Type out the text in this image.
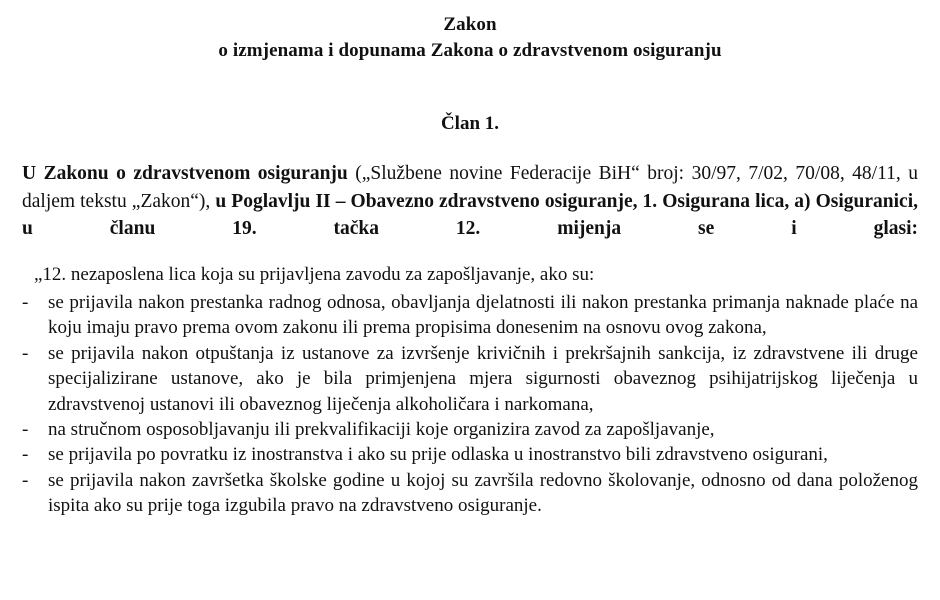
Zakon
o izmjenama i dopunama Zakona o zdravstvenom osiguranju
Član 1.

U Zakonu o zdravstvenom osiguranju („Službene novine Federacije BiH“ broj: 30/97, 7/02, 70/08, 48/11, u daljem tekstu „Zakon“), u Poglavlju II – Obavezno zdravstveno osiguranje, 1. Osigurana lica, a) Osiguranici, u članu 19. tačka 12. mijenja se i glasi:

„12. nezaposlena lica koja su prijavljena zavodu za zapošljavanje, ako su:
-	se prijavila nakon prestanka radnog odnosa, obavljanja djelatnosti ili nakon prestanka primanja naknade plaće na koju imaju pravo prema ovom zakonu ili prema propisima donesenim na osnovu ovog zakona,
-	se prijavila nakon otpuštanja iz ustanove za izvršenje krivičnih i prekršajnih sankcija, iz zdravstvene ili druge specijalizirane ustanove, ako je bila primjenjena mjera sigurnosti obaveznog psihijatrijskog liječenja u zdravstvenoj ustanovi ili obaveznog liječenja alkoholičara i narkomana,
-	na stručnom osposobljavanju ili prekvalifikaciji koje organizira zavod za zapošljavanje,
-	se prijavila po povratku iz inostranstva i ako su prije odlaska u inostranstvo bili zdravstveno osigurani,
-	se prijavila nakon završetka školske godine u kojoj su završila redovno školovanje, odnosno od dana položenog ispita ako su prije toga izgubila pravo na zdravstveno osiguranje.
